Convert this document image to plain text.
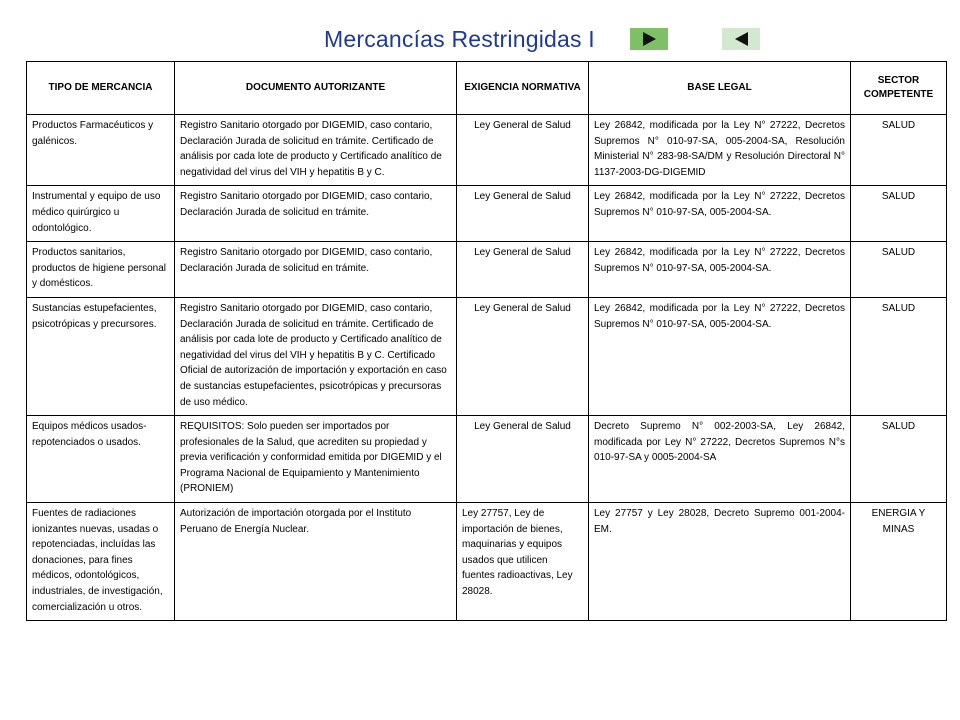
Mercancías Restringidas I
TIPO DE MERCANCIA	DOCUMENTO AUTORIZANTE	EXIGENCIA NORMATIVA	BASE LEGAL	SECTOR COMPETENTE
Productos Farmacéuticos y galénicos.	Registro Sanitario otorgado por DIGEMID, caso contario, Declaración Jurada de solicitud en trámite. Certificado de análisis por cada lote de producto y Certificado analítico de negatividad del virus del VIH y hepatitis B y C.	Ley General de Salud	Ley 26842, modificada por la Ley N° 27222, Decretos Supremos N° 010-97-SA, 005-2004-SA, Resolución Ministerial N° 283-98-SA/DM y Resolución Directoral N° 1137-2003-DG-DIGEMID	SALUD
Instrumental y equipo de uso médico quirúrgico u odontológico.	Registro Sanitario otorgado por DIGEMID, caso contario, Declaración Jurada de solicitud en trámite.	Ley General de Salud	Ley 26842, modificada por la Ley N° 27222, Decretos Supremos N° 010-97-SA, 005-2004-SA.	SALUD
Productos sanitarios, productos de higiene personal y domésticos.	Registro Sanitario otorgado por DIGEMID, caso contario, Declaración Jurada de solicitud en trámite.	Ley General de Salud	Ley 26842, modificada por la Ley N° 27222, Decretos Supremos N° 010-97-SA, 005-2004-SA.	SALUD
Sustancias estupefacientes, psicotrópicas y precursores.	Registro Sanitario otorgado por DIGEMID, caso contario, Declaración Jurada de solicitud en trámite. Certificado de análisis por cada lote de producto y Certificado analítico de negatividad del virus del VIH y hepatitis B y C. Certificado Oficial de autorización de importación y exportación en caso de sustancias estupefacientes, psicotrópicas y precursoras de uso médico.	Ley General de Salud	Ley 26842, modificada por la Ley N° 27222, Decretos Supremos N° 010-97-SA, 005-2004-SA.	SALUD
Equipos médicos usados-repotenciados o usados.	REQUISITOS: Solo pueden ser importados por profesionales de la Salud, que acrediten su propiedad y previa verificación y conformidad emitida por DIGEMID y el Programa Nacional de Equipamiento y Mantenimiento (PRONIEM)	Ley General de Salud	Decreto Supremo N° 002-2003-SA, Ley 26842, modificada por Ley N° 27222, Decretos Supremos N°s 010-97-SA y 0005-2004-SA	SALUD
Fuentes de radiaciones ionizantes nuevas, usadas o repotenciadas, incluídas las donaciones, para fines médicos, odontológicos, industriales, de investigación, comercialización u otros.	Autorización de importación otorgada por el Instituto Peruano de Energía Nuclear.	Ley 27757, Ley de importación de bienes, maquinarias y equipos usados que utilicen fuentes radioactivas, Ley 28028.	Ley 27757 y Ley 28028, Decreto Supremo 001-2004-EM.	ENERGIA Y MINAS
